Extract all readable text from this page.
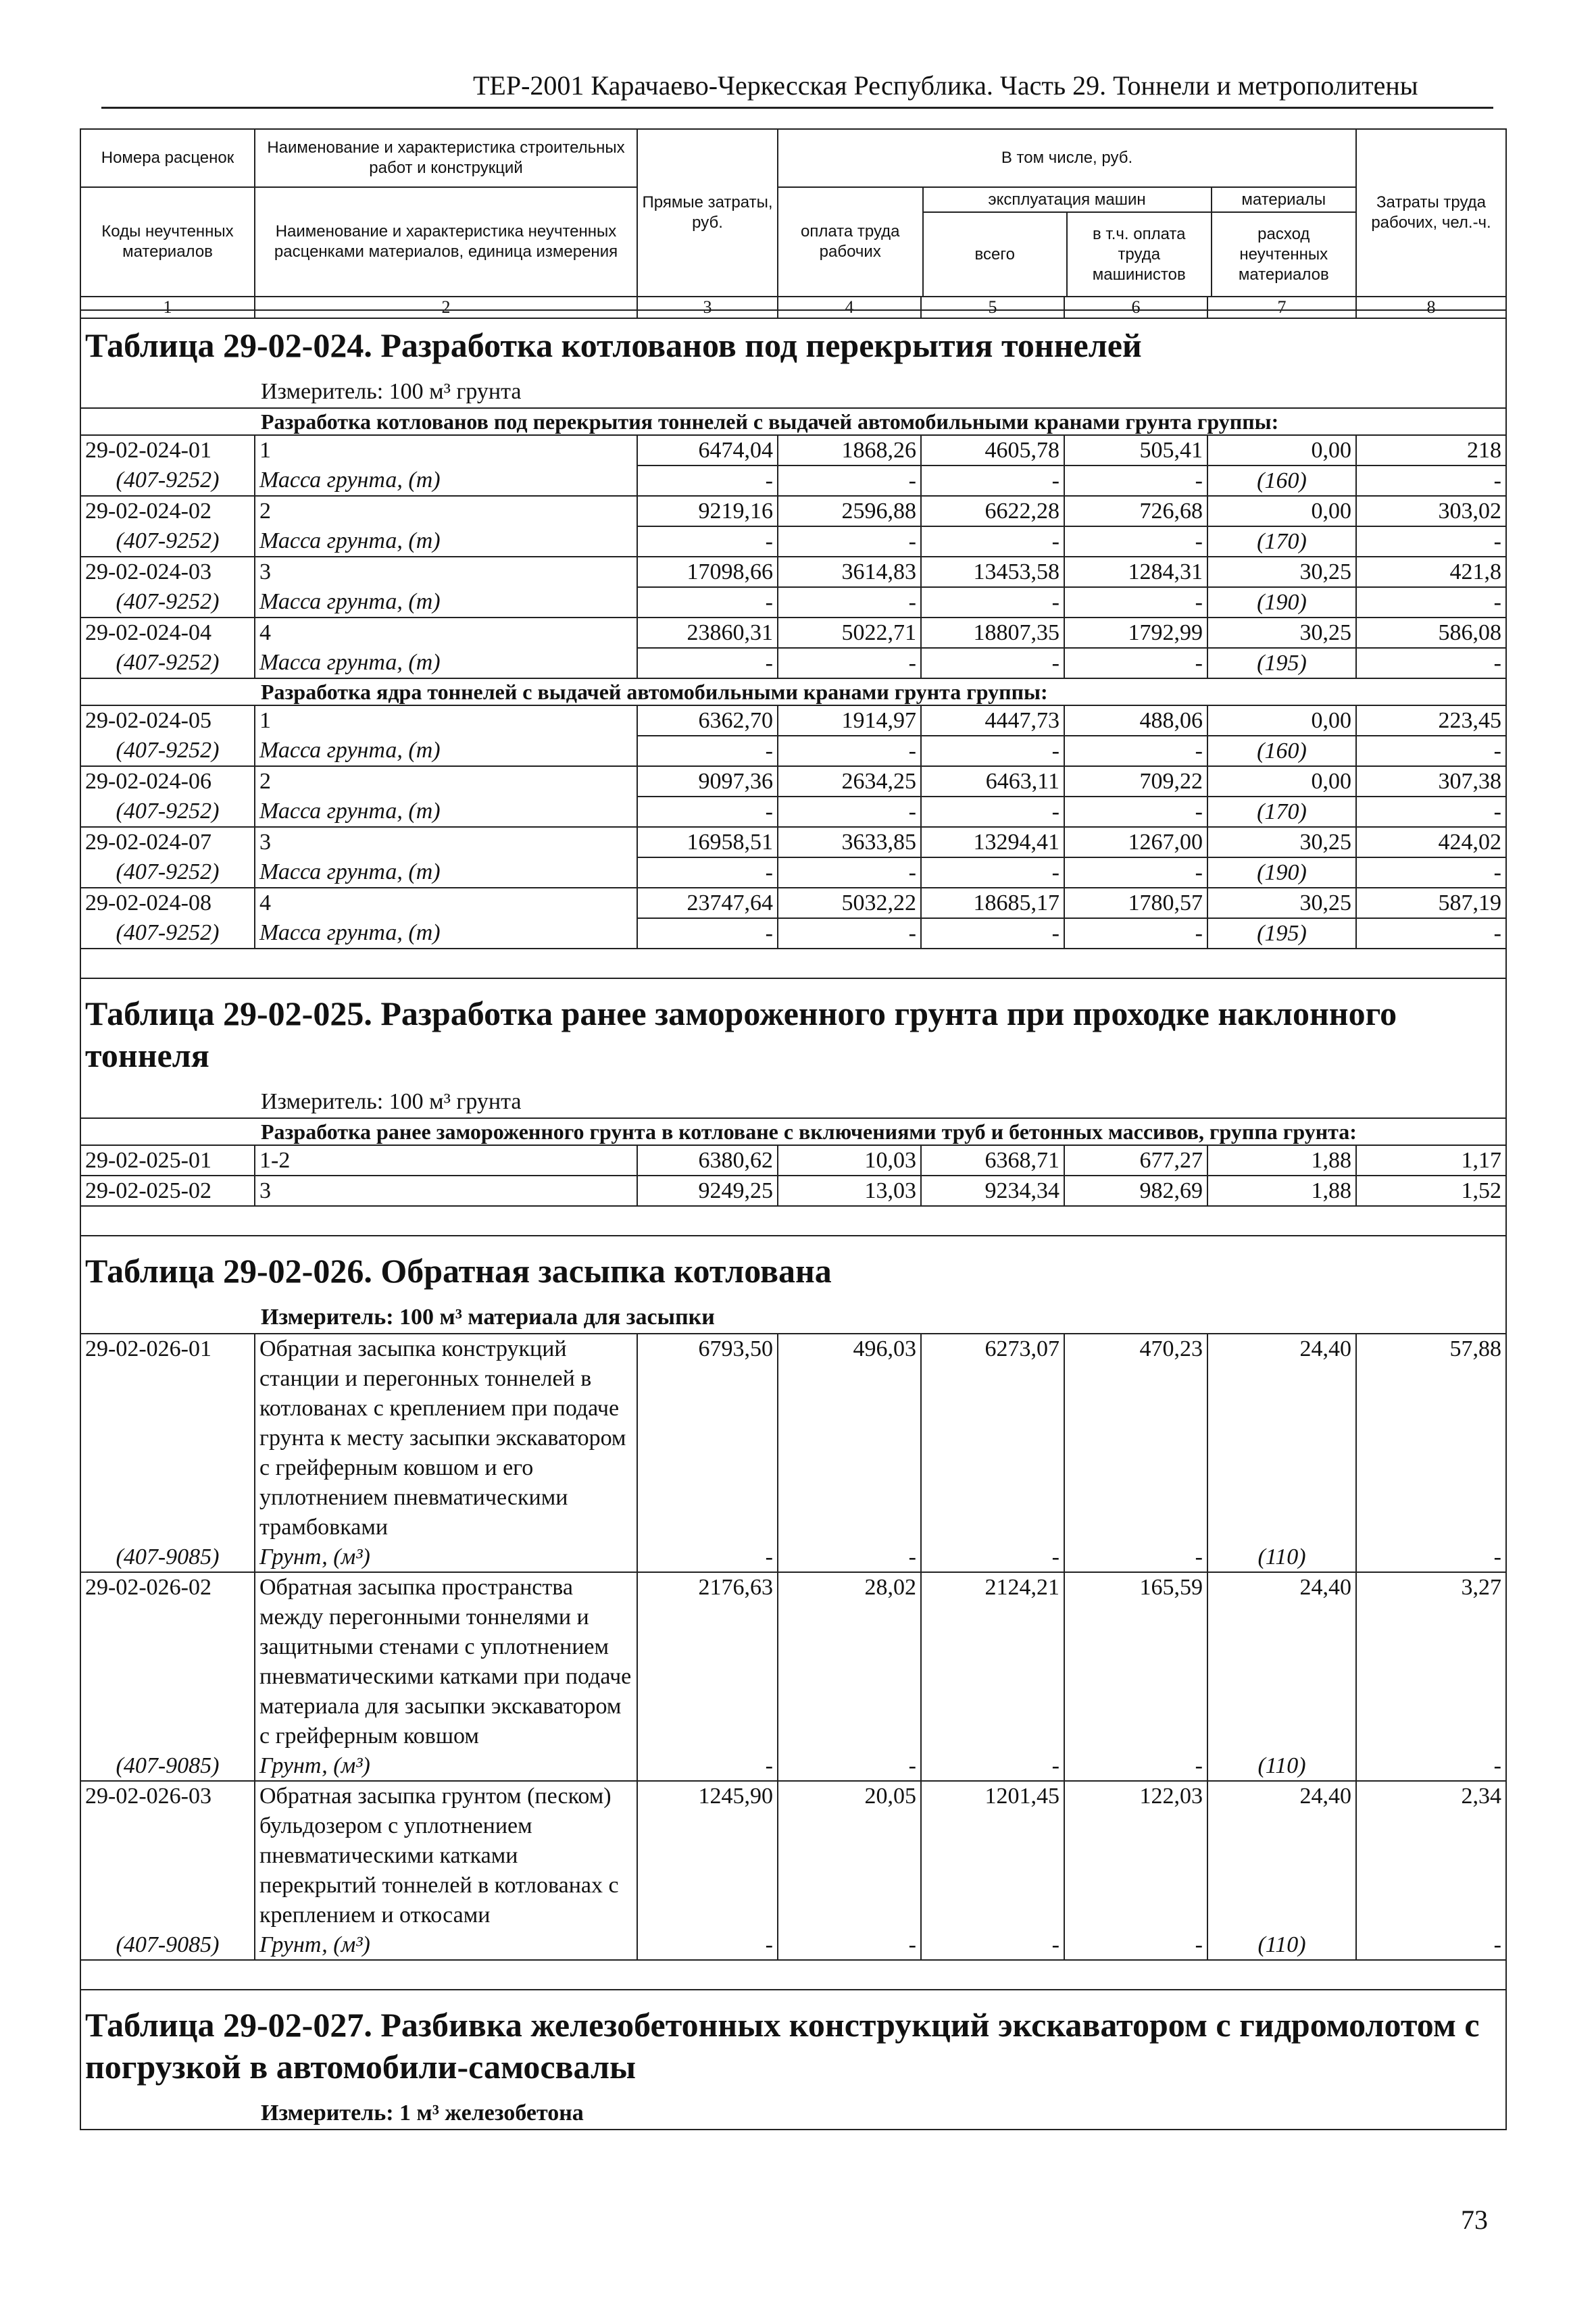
ТЕР-2001 Карачаево-Черкесская Республика. Часть 29. Тоннели и метрополитены
Номера расценок	Наименование и характеристика строительных работ и конструкций	Прямые затраты, руб.	В том числе, руб.	Затраты труда рабочих, чел.-ч.
Коды неучтенных материалов	Наименование и характеристика неучтенных расценками материалов, единица измерения	
оплата труда рабочих	эксплуатация машин	материалы
всего	в т.ч. оплата труда машинистов	расход неучтенных материалов

1	2	3	4	5	6	7	8
Таблица 29-02-024. Разработка котлованов под перекрытия тоннелей							
Измеритель: 100 м³ грунта							
Разработка котлованов под перекрытия тоннелей с выдачей автомобильными кранами грунта группы:							
29-02-024-01	1	6474,04	1868,26	4605,78	505,41	0,00	218
(407-9252)	Масса грунта, (т)	-	-	-	-	(160)	-
29-02-024-02	2	9219,16	2596,88	6622,28	726,68	0,00	303,02
(407-9252)	Масса грунта, (т)	-	-	-	-	(170)	-
29-02-024-03	3	17098,66	3614,83	13453,58	1284,31	30,25	421,8
(407-9252)	Масса грунта, (т)	-	-	-	-	(190)	-
29-02-024-04	4	23860,31	5022,71	18807,35	1792,99	30,25	586,08
(407-9252)	Масса грунта, (т)	-	-	-	-	(195)	-
Разработка ядра тоннелей с выдачей автомобильными кранами грунта группы:							
29-02-024-05	1	6362,70	1914,97	4447,73	488,06	0,00	223,45
(407-9252)	Масса грунта, (т)	-	-	-	-	(160)	-
29-02-024-06	2	9097,36	2634,25	6463,11	709,22	0,00	307,38
(407-9252)	Масса грунта, (т)	-	-	-	-	(170)	-
29-02-024-07	3	16958,51	3633,85	13294,41	1267,00	30,25	424,02
(407-9252)	Масса грунта, (т)	-	-	-	-	(190)	-
29-02-024-08	4	23747,64	5032,22	18685,17	1780,57	30,25	587,19
(407-9252)	Масса грунта, (т)	-	-	-	-	(195)	-

Таблица 29-02-025. Разработка ранее замороженного грунта при проходке наклонного тоннеля							
Измеритель: 100 м³ грунта							
Разработка ранее замороженного грунта в котловане с включениями труб и бетонных массивов, группа грунта:							
29-02-025-01	1-2	6380,62	10,03	6368,71	677,27	1,88	1,17
29-02-025-02	3	9249,25	13,03	9234,34	982,69	1,88	1,52

Таблица 29-02-026. Обратная засыпка котлована							
Измеритель: 100 м³ материала для засыпки							
29-02-026-01	Обратная засыпка конструкций станции и перегонных тоннелей в котлованах с креплением при подаче грунта к месту засыпки экскаватором с грейферным ковшом и его уплотнением пневматическими трамбовками	6793,50	496,03	6273,07	470,23	24,40	57,88
(407-9085)	Грунт, (м³)	-	-	-	-	(110)	-
29-02-026-02	Обратная засыпка пространства между перегонными тоннелями и защитными стенами с уплотнением пневматическими катками при подаче материала для засыпки экскаватором с грейферным ковшом	2176,63	28,02	2124,21	165,59	24,40	3,27
(407-9085)	Грунт, (м³)	-	-	-	-	(110)	-
29-02-026-03	Обратная засыпка грунтом (песком) бульдозером с уплотнением пневматическими катками перекрытий тоннелей в котлованах с креплением и откосами	1245,90	20,05	1201,45	122,03	24,40	2,34
(407-9085)	Грунт, (м³)	-	-	-	-	(110)	-

Таблица 29-02-027. Разбивка железобетонных конструкций экскаватором с гидромолотом с погрузкой в автомобили-самосвалы							
Измеритель: 1 м³ железобетона							
73
